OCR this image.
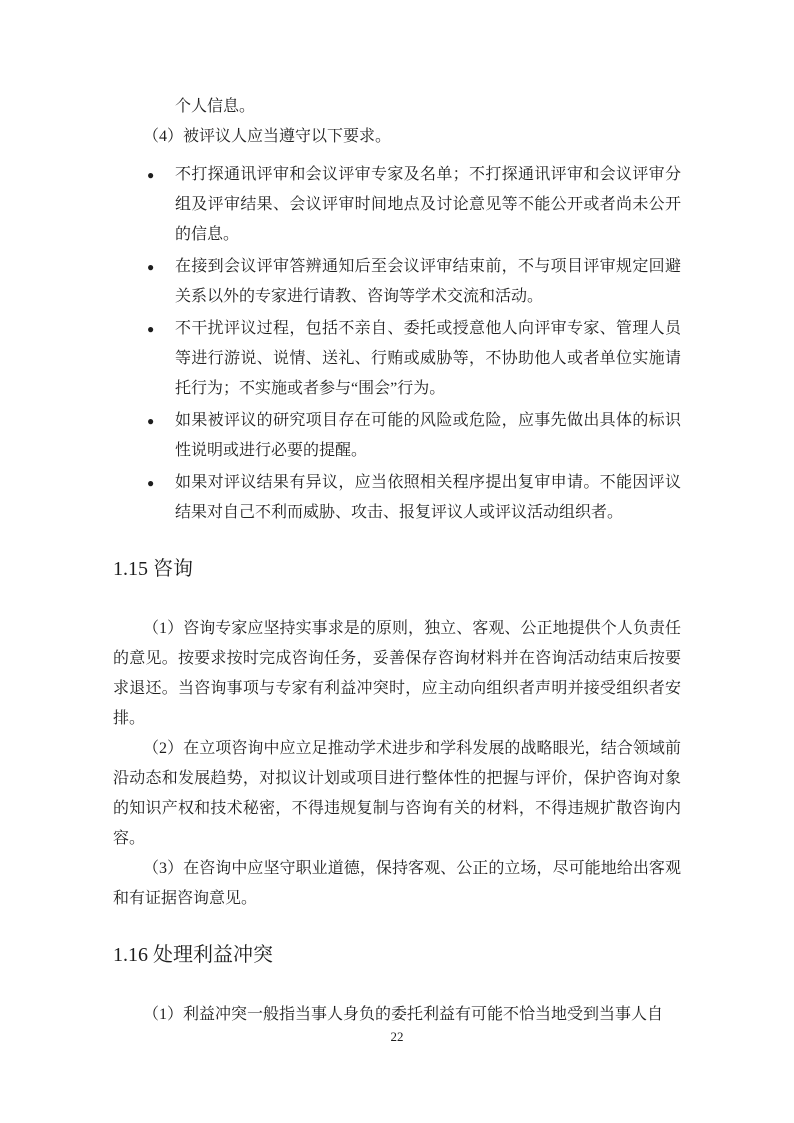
个人信息。
（4）被评议人应当遵守以下要求。
● 不打探通讯评审和会议评审专家及名单；不打探通讯评审和会议评审分组及评审结果、会议评审时间地点及讨论意见等不能公开或者尚未公开的信息。
● 在接到会议评审答辨通知后至会议评审结束前，不与项目评审规定回避关系以外的专家进行请教、咨询等学术交流和活动。
● 不干扰评议过程，包括不亲自、委托或授意他人向评审专家、管理人员等进行游说、说情、送礼、行贿或威胁等，不协助他人或者单位实施请托行为；不实施或者参与“围会”行为。
● 如果被评议的研究项目存在可能的风险或危险，应事先做出具体的标识性说明或进行必要的提醒。
● 如果对评议结果有异议，应当依照相关程序提出复审申请。不能因评议结果对自己不利而威胁、攻击、报复评议人或评议活动组织者。
1.15 咨询

（1）咨询专家应坚持实事求是的原则，独立、客观、公正地提供个人负责任的意见。按要求按时完成咨询任务，妥善保存咨询材料并在咨询活动结束后按要求退还。当咨询事项与专家有利益冲突时，应主动向组织者声明并接受组织者安排。

（2）在立项咨询中应立足推动学术进步和学科发展的战略眼光，结合领域前沿动态和发展趋势，对拟议计划或项目进行整体性的把握与评价，保护咨询对象的知识产权和技术秘密，不得违规复制与咨询有关的材料，不得违规扩散咨询内容。

（3）在咨询中应坚守职业道德，保持客观、公正的立场，尽可能地给出客观和有证据咨询意见。

1.16 处理利益冲突

（1）利益冲突一般指当事人身负的委托利益有可能不恰当地受到当事人自

22
